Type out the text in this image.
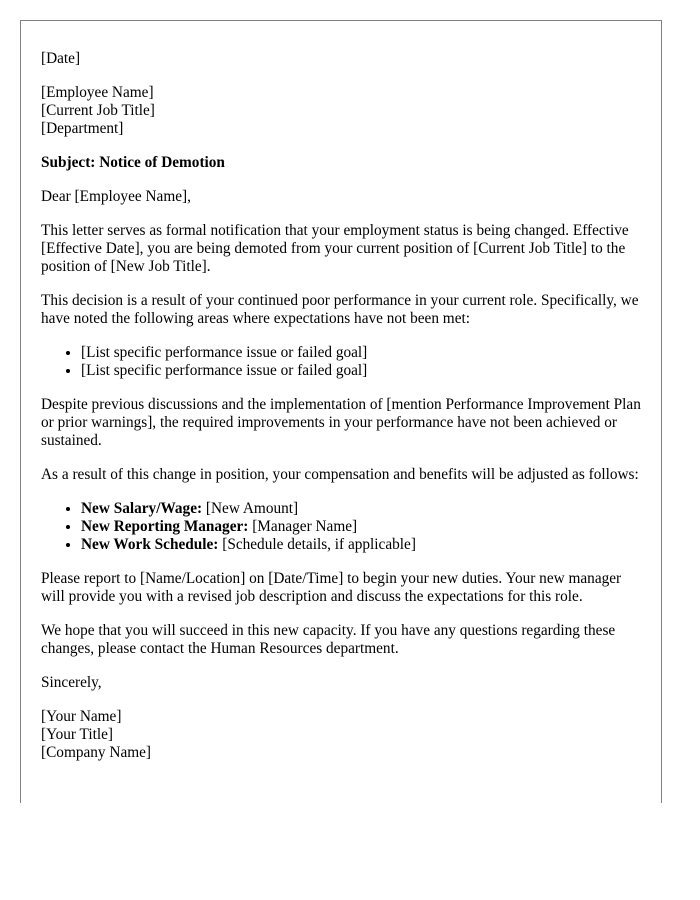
[Date]

[Employee Name]
[Current Job Title]
[Department]

Subject: Notice of Demotion

Dear [Employee Name],

This letter serves as formal notification that your employment status is being changed. Effective [Effective Date], you are being demoted from your current position of [Current Job Title] to the position of [New Job Title].

This decision is a result of your continued poor performance in your current role. Specifically, we have noted the following areas where expectations have not been met:

• [List specific performance issue or failed goal]
• [List specific performance issue or failed goal]

Despite previous discussions and the implementation of [mention Performance Improvement Plan or prior warnings], the required improvements in your performance have not been achieved or sustained.

As a result of this change in position, your compensation and benefits will be adjusted as follows:

• New Salary/Wage: [New Amount]
• New Reporting Manager: [Manager Name]
• New Work Schedule: [Schedule details, if applicable]

Please report to [Name/Location] on [Date/Time] to begin your new duties. Your new manager will provide you with a revised job description and discuss the expectations for this role.

We hope that you will succeed in this new capacity. If you have any questions regarding these changes, please contact the Human Resources department.

Sincerely,

[Your Name]
[Your Title]
[Company Name]
